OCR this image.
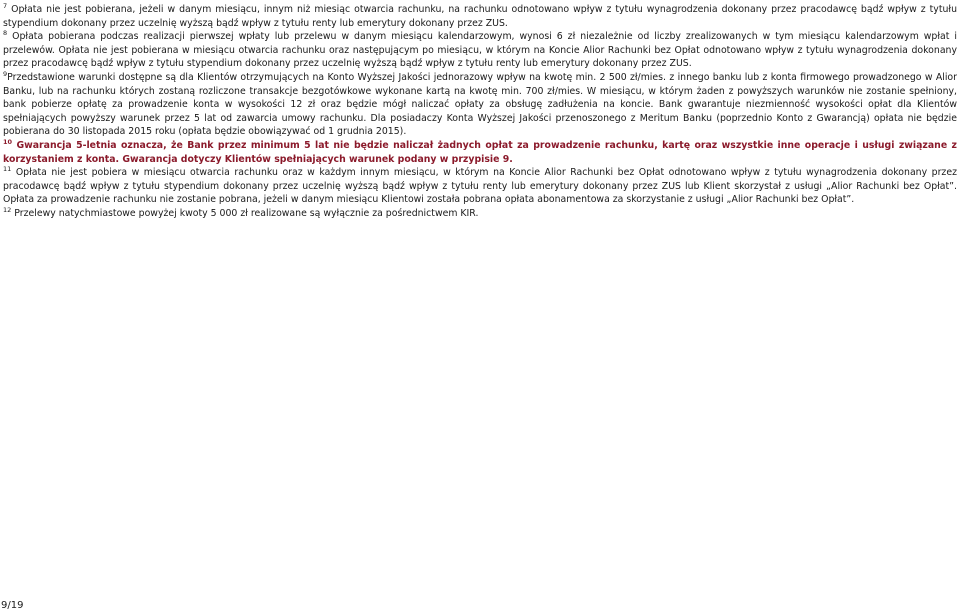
$^7$ Opłata nie jest pobierana, jeżeli w danym miesiącu, innym niż miesiąc otwarcia rachunku, na rachunku odnotowano wpływ z tytułu wynagrodzenia dokonany przez pracodawcę bądź wpływ z tytułu stypendium dokonany przez uczelnię wyższą bądź wpływ z tytułu renty lub emerytury dokonany przez ZUS.

$^8$ Opłata pobierana podczas realizacji pierwszej wpłaty lub przelewu w danym miesiącu kalendarzowym, wynosi 6 zł niezależnie od liczby zrealizowanych w tym miesiącu kalendarzowym wpłat i przelewów. Opłata nie jest pobierana w miesiącu otwarcia rachunku oraz następującym po miesiącu, w którym na Koncie Alior Rachunki bez Opłat odnotowano wpływ z tytułu wynagrodzenia dokonany przez pracodawcę bądź wpływ z tytułu stypendium dokonany przez uczelnię wyższą bądź wpływ z tytułu renty lub emerytury dokonany przez ZUS.

$^9$Przedstawione warunki dostępne są dla Klientów otrzymujących na Konto Wyższej Jakości jednorazowy wpływ na kwotę min. 2 500 zł/mies. z innego banku lub z konta firmowego prowadzonego w Alior Banku, lub na rachunku których zostaną rozliczone transakcje bezgotówkowe wykonane kartą na kwotę min. 700 zł/mies. W miesiącu, w którym żaden z powyższych warunków nie zostanie spełniony, bank pobierze opłatę za prowadzenie konta w wysokości 12 zł oraz będzie mógł naliczać opłaty za obsługę zadłużenia na koncie. Bank gwarantuje niezmienność wysokości opłat dla Klientów spełniających powyższy warunek przez 5 lat od zawarcia umowy rachunku. Dla posiadaczy Konta Wyższej Jakości przenoszonego z Meritum Banku (poprzednio Konto z Gwarancją) opłata nie będzie pobierana do 30 listopada 2015 roku (opłata będzie obowiązywać od 1 grudnia 2015).

$^{10}$ Gwarancja 5-letnia oznacza, że Bank przez minimum 5 lat nie będzie naliczał żadnych opłat za prowadzenie rachunku, kartę oraz wszystkie inne operacje i usługi związane z korzystaniem z konta. Gwarancja dotyczy Klientów spełniających warunek podany w przypisie 9.

$^{11}$ Opłata nie jest pobiera w miesiącu otwarcia rachunku oraz w każdym innym miesiącu, w którym na Koncie Alior Rachunki bez Opłat odnotowano wpływ z tytułu wynagrodzenia dokonany przez pracodawcę bądź wpływ z tytułu stypendium dokonany przez uczelnię wyższą bądź wpływ z tytułu renty lub emerytury dokonany przez ZUS lub Klient skorzystał z usługi „Alior Rachunki bez Opłat”. Opłata za prowadzenie rachunku nie zostanie pobrana, jeżeli w danym miesiącu Klientowi została pobrana opłata abonamentowa za skorzystanie z usługi „Alior Rachunki bez Opłat”.

$^{12}$ Przelewy natychmiastowe powyżej kwoty 5 000 zł realizowane są wyłącznie za pośrednictwem KIR.

9/19
